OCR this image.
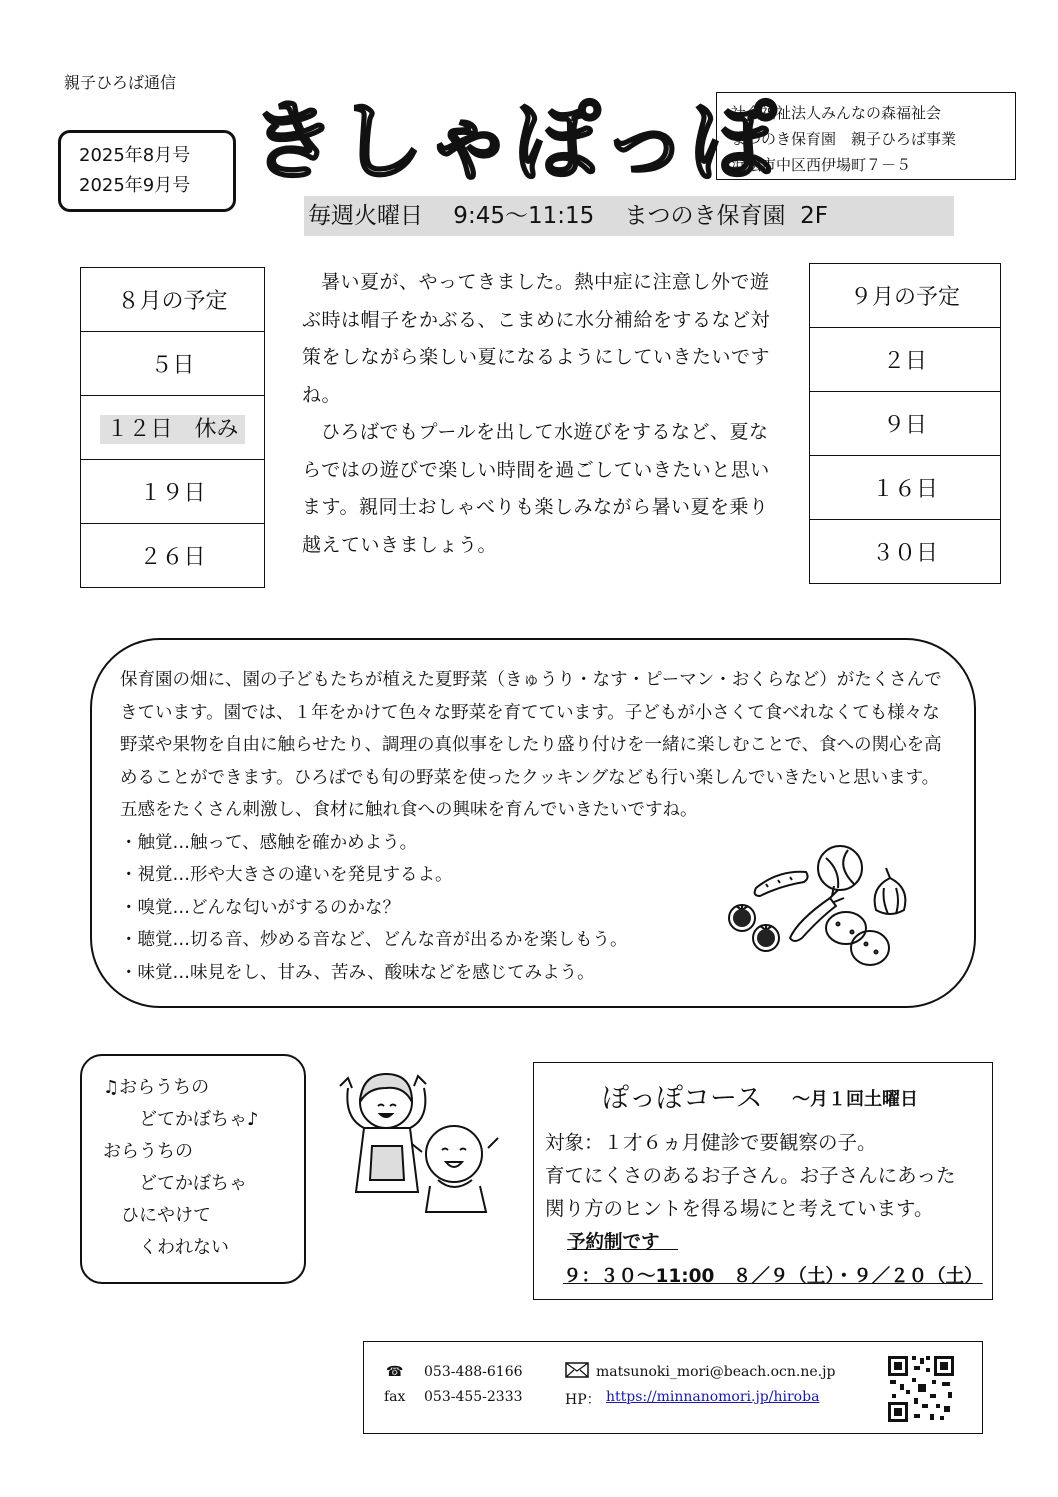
親子ひろば通信
2025年8月号
2025年9月号 きしゃぽっぽ
社会福祉法人みんなの森福祉会
まつのき保育園　親子ひろば事業
浜松市中区西伊場町７－５
毎週火曜日　 9:45～11:15　 まつのき保育園  2F
８月の予定
５日
１２日　休み
１９日
２６日

暑い夏が、やってきました。熱中症に注意し外で遊ぶ時は帽子をかぶる、こまめに水分補給をするなど対策をしながら楽しい夏になるようにしていきたいですね。

ひろばでもプールを出して水遊びをするなど、夏ならではの遊びで楽しい時間を過ごしていきたいと思います。親同士おしゃべりも楽しみながら暑い夏を乗り越えていきましょう。

９月の予定
２日
９日
１６日
３０日
保育園の畑に、園の子どもたちが植えた夏野菜（きゅうり・なす・ピーマン・おくらなど）がたくさんできています。園では、１年をかけて色々な野菜を育てています。子どもが小さくて食べれなくても様々な野菜や果物を自由に触らせたり、調理の真似事をしたり盛り付けを一緒に楽しむことで、食への関心を高めることができます。ひろばでも旬の野菜を使ったクッキングなども行い楽しんでいきたいと思います。五感をたくさん刺激し、食材に触れ食への興味を育んでいきたいですね。
・触覚…触って、感触を確かめよう。
・視覚…形や大きさの違いを発見するよ。
・嗅覚…どんな匂いがするのかな？
・聴覚…切る音、炒める音など、どんな音が出るかを楽しもう。
・味覚…味見をし、甘み、苦み、酸味などを感じてみよう。
♫おらうちの
　　どてかぼちゃ♪
おらうちの
　　どてかぼちゃ
　ひにやけて
　　くわれない
ぽっぽコース ～月１回土曜日
対象：１才６ヵ月健診で要観察の子。
育てにくさのあるお子さん。お子さんにあった
関り方のヒントを得る場にと考えています。
予約制です　
９：３０～11:00　８／９（土）・９／２０（土）
☎ 053-488-6166	matsunoki_mori@beach.ocn.ne.jp
fax 053-455-2333	HP： https://minnanomori.jp/hiroba
